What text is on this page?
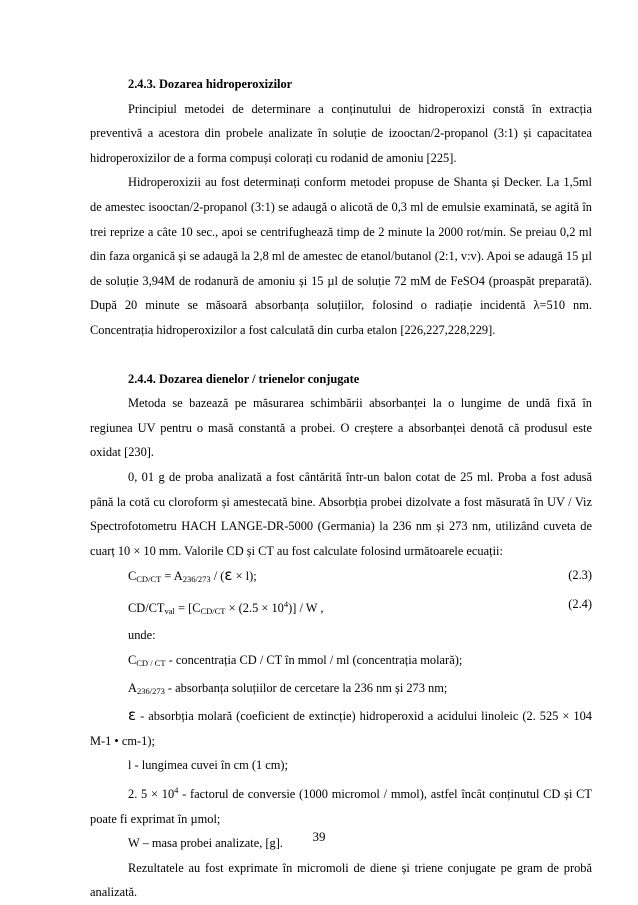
2.4.3. Dozarea hidroperoxizilor

Principiul metodei de determinare a conținutului de hidroperoxizi constă în extracția preventivă a acestora din probele analizate în soluție de izooctan/2-propanol (3:1) și capacitatea hidroperoxizilor de a forma compuși colorați cu rodanid de amoniu [225].

Hidroperoxizii au fost determinați conform metodei propuse de Shanta și Decker. La 1,5ml de amestec isooctan/2-propanol (3:1) se adaugă o alicotă de 0,3 ml de emulsie examinată, se agită în trei reprize a câte 10 sec., apoi se centrifughează timp de 2 minute la 2000 rot/min. Se preiau 0,2 ml din faza organică și se adaugă la 2,8 ml de amestec de etanol/butanol (2:1, v:v). Apoi se adaugă 15 µl de soluție 3,94M de rodanură de amoniu și 15 µl de soluție 72 mM de FeSO4 (proaspăt preparată). După 20 minute se măsoară absorbanța soluțiilor, folosind o radiație incidentă λ=510 nm. Concentrația hidroperoxizilor a fost calculată din curba etalon [226,227,228,229].

2.4.4. Dozarea dienelor / trienelor conjugate

Metoda se bazează pe măsurarea schimbării absorbanței la o lungime de undă fixă în regiunea UV pentru o masă constantă a probei. O creștere a absorbanței denotă că produsul este oxidat [230].

0, 01 g de proba analizată a fost cântărită într-un balon cotat de 25 ml. Proba a fost adusă până la cotă cu cloroform și amestecată bine. Absorbția probei dizolvate a fost măsurată în UV / Viz Spectrofotometru HACH LANGE-DR-5000 (Germania) la 236 nm și 273 nm, utilizând cuveta de cuarț 10 × 10 mm. Valorile CD și CT au fost calculate folosind următoarele ecuații:

$C_{CD/CT} = A_{236/273} / (\varepsilon \times l)$;	(2.3)
$CD/CT_{val} = [C_{CD/CT} \times (2.5 \times 10^4)] / W$ ,	(2.4)

unde:

$C_{CD / CT}$ - concentrația CD / CT în mmol / ml (concentrația molară);

$A_{236/273}$ - absorbanța soluțiilor de cercetare la 236 nm și 273 nm;

ε - absorbția molară (coeficient de extincție) hidroperoxid a acidului linoleic (2. 525 × 104 M-1 • cm-1);

l - lungimea cuvei în cm (1 cm);

2. $5 \times 10^4$ - factorul de conversie (1000 micromol / mmol), astfel încât conținutul CD și CT poate fi exprimat în µmol;

W – masa probei analizate, [g].

Rezultatele au fost exprimate în micromoli de diene și triene conjugate pe gram de probă analizată.

39
